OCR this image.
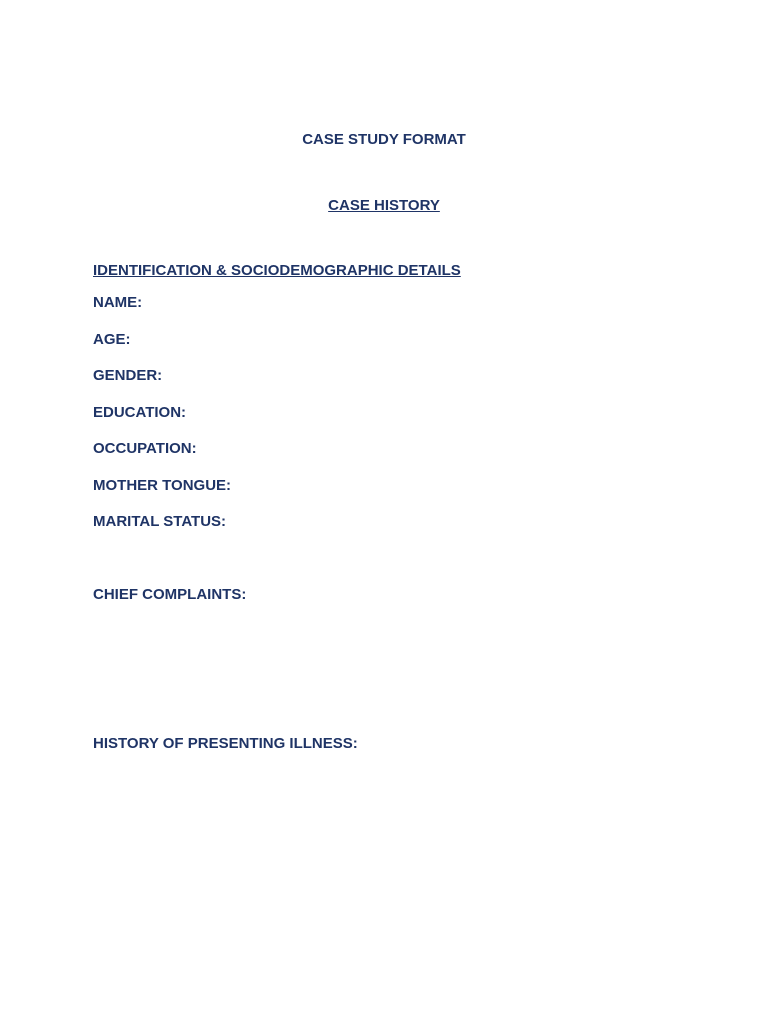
CASE STUDY FORMAT
CASE HISTORY
IDENTIFICATION & SOCIODEMOGRAPHIC DETAILS
NAME:
AGE:
GENDER:
EDUCATION:
OCCUPATION:
MOTHER TONGUE:
MARITAL STATUS:
CHIEF COMPLAINTS:
HISTORY OF PRESENTING ILLNESS:
